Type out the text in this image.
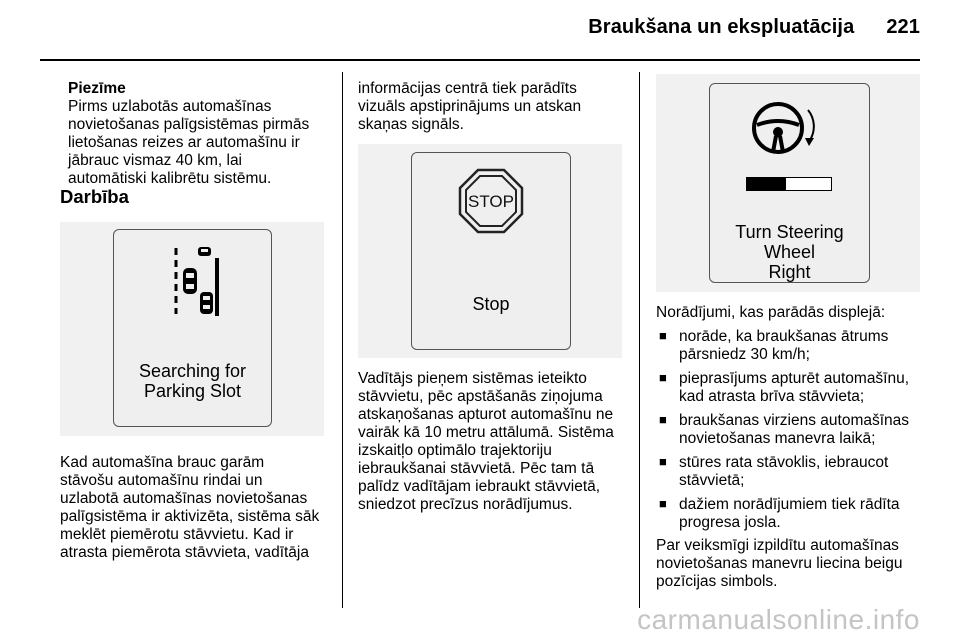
Braukšana un ekspluatācija 221

Piezīme

Pirms uzlabotās automašīnas

novietošanas palīgsistēmas pirmās

lietošanas reizes ar automašīnu ir

jābrauc vismaz 40 km, lai

automātiski kalibrētu sistēmu.

Darbība

Searching for
Parking Slot

Kad automašīna brauc garām

stāvošu automašīnu rindai un

uzlabotā automašīnas novietošanas

palīgsistēma ir aktivizēta, sistēma sāk

meklēt piemērotu stāvvietu. Kad ir

atrasta piemērota stāvvieta, vadītāja

informācijas centrā tiek parādīts

vizuāls apstiprinājums un atskan

skaņas signāls.

STOP
Stop

Vadītājs pieņem sistēmas ieteikto

stāvvietu, pēc apstāšanās ziņojuma

atskaņošanas apturot automašīnu ne

vairāk kā 10 metru attālumā. Sistēma

izskaitļo optimālo trajektoriju

iebraukšanai stāvvietā. Pēc tam tā

palīdz vadītājam iebraukt stāvvietā,

sniedzot precīzus norādījumus.

Turn Steering
Wheel
Right

Norādījumi, kas parādās displejā:

■ norāde, ka braukšanas ātrums
pārsniedz 30 km/h;
■ pieprasījums apturēt automašīnu,
kad atrasta brīva stāvvieta;
■ braukšanas virziens automašīnas
novietošanas manevra laikā;
■ stūres rata stāvoklis, iebraucot
stāvvietā;
■ dažiem norādījumiem tiek rādīta
progresa josla.

Par veiksmīgi izpildītu automašīnas

novietošanas manevru liecina beigu

pozīcijas simbols.

carmanualsonline.info
